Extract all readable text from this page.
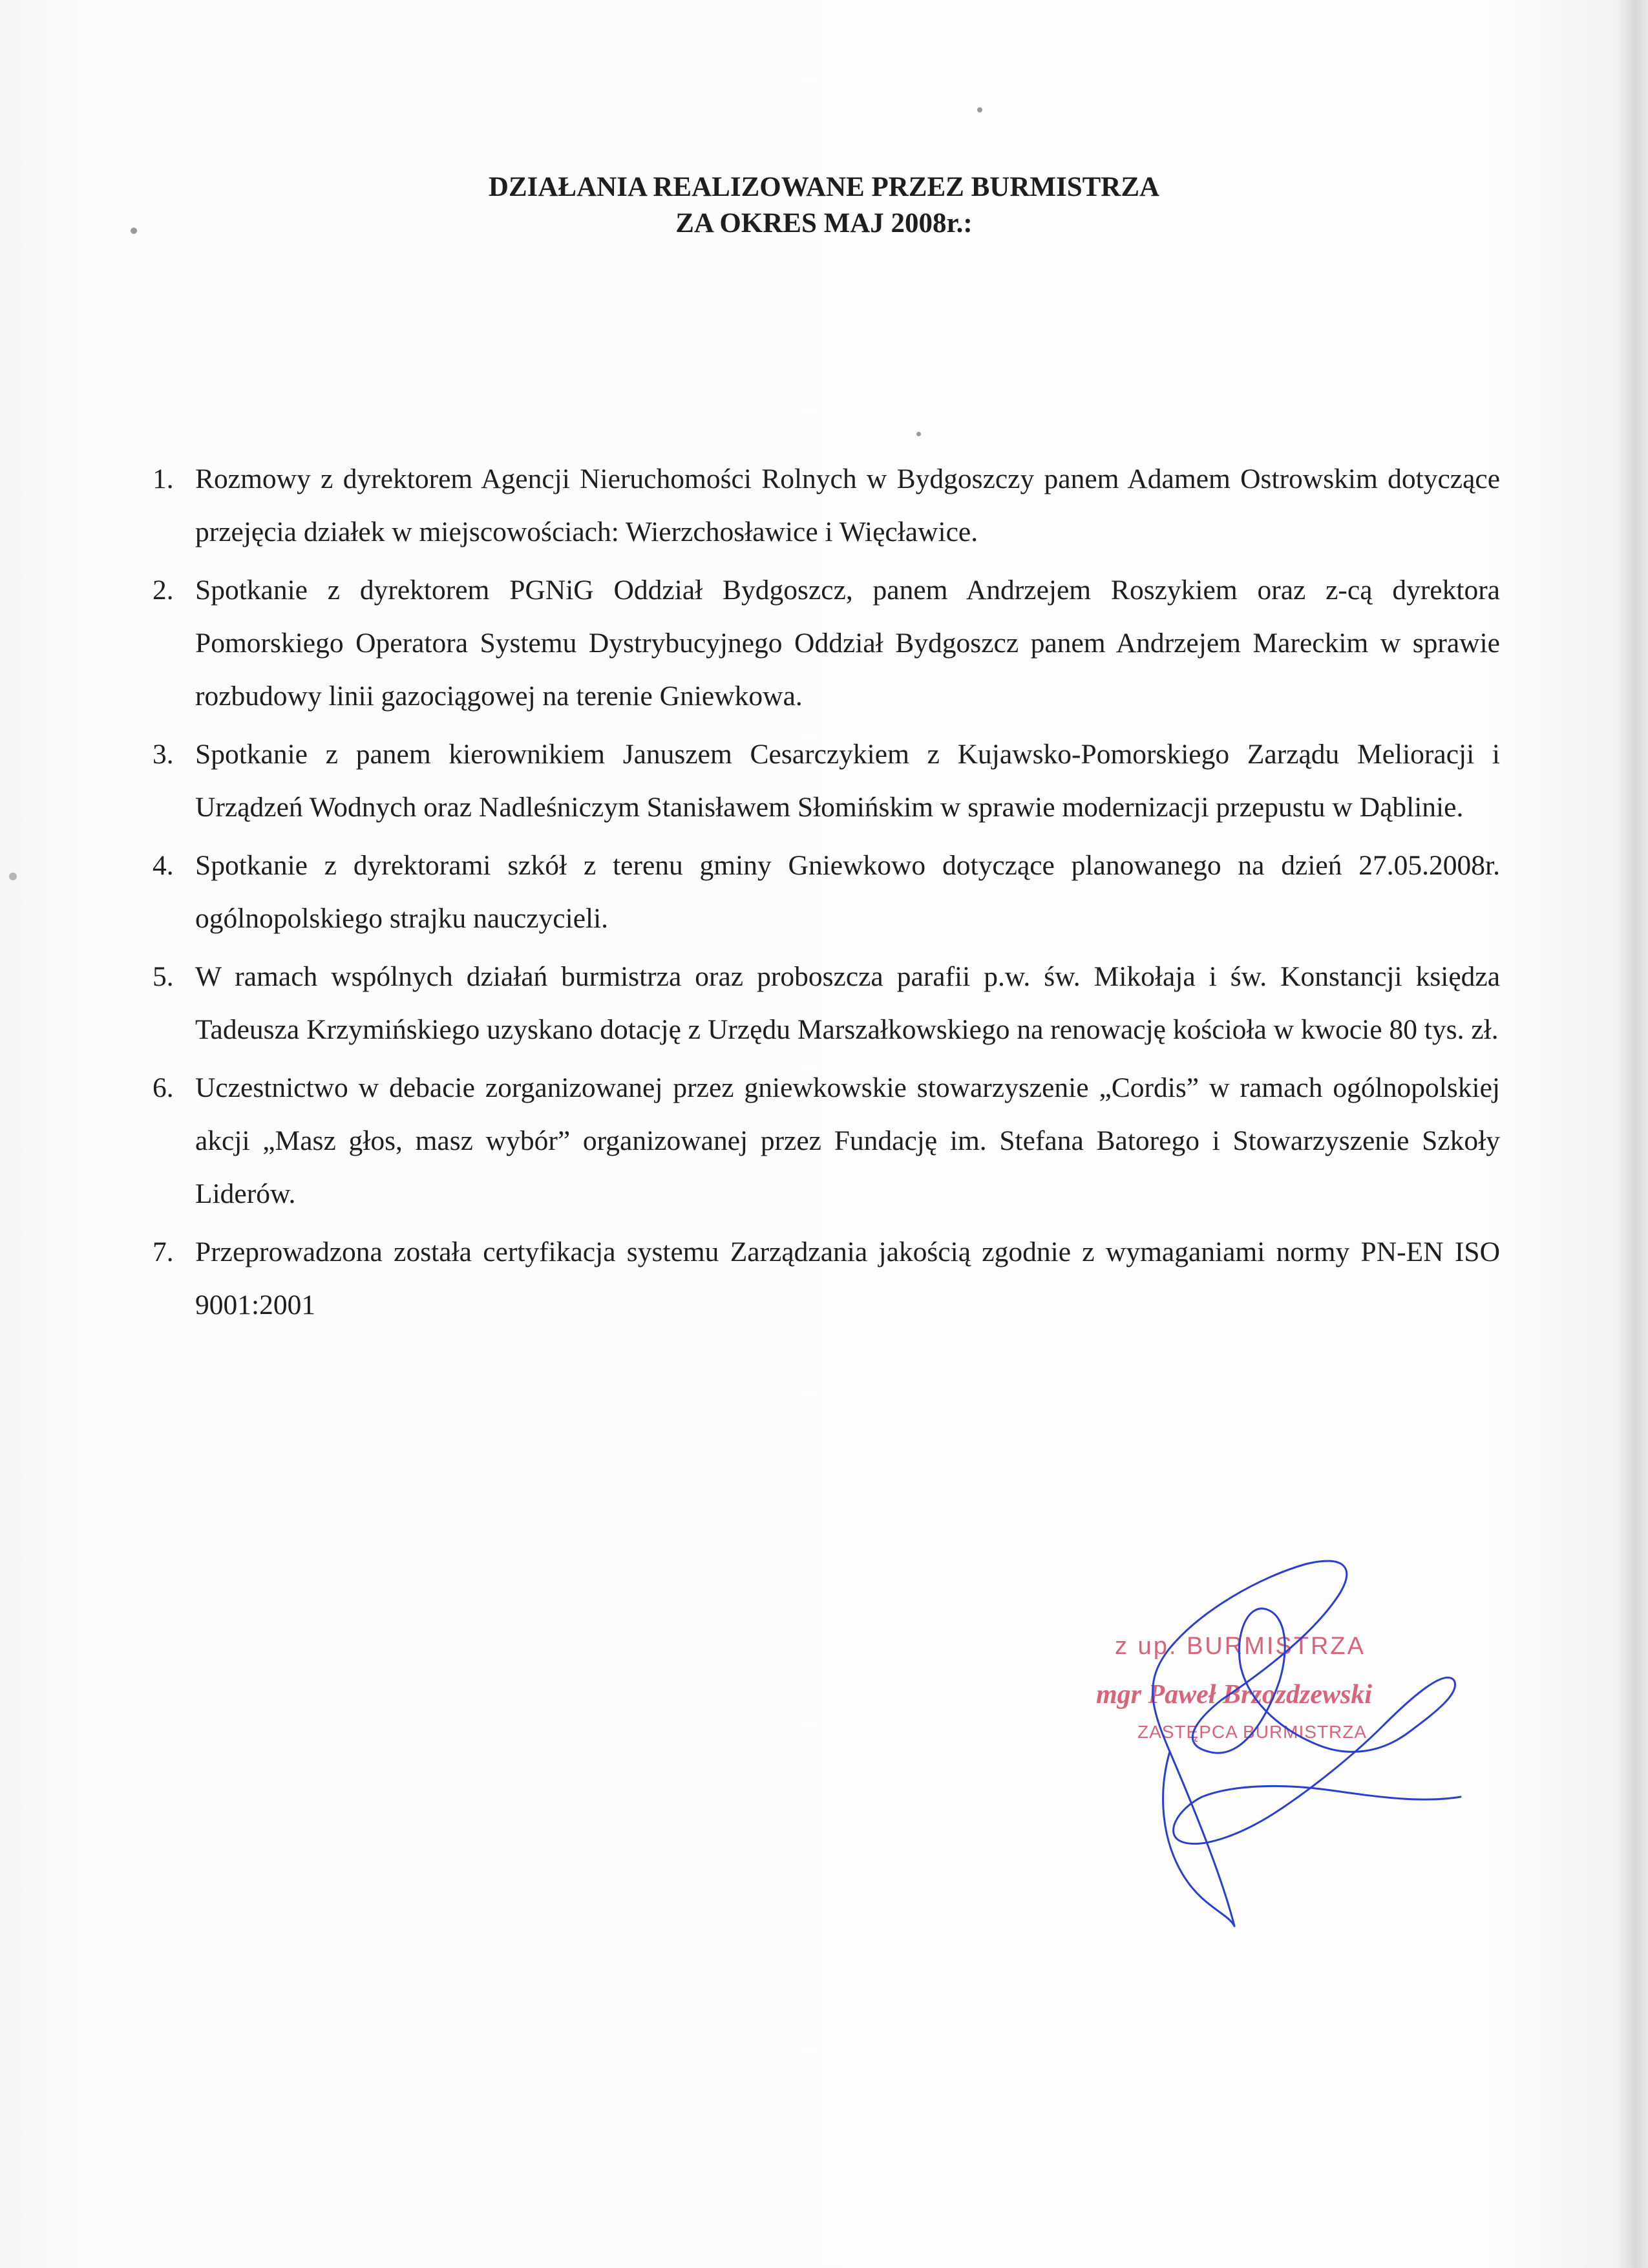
DZIAŁANIA REALIZOWANE PRZEZ BURMISTRZA
ZA OKRES MAJ 2008r.:
1. Rozmowy z dyrektorem Agencji Nieruchomości Rolnych w Bydgoszczy panem Adamem Ostrowskim dotyczące przejęcia działek w miejscowościach: Wierzchosławice i Więcławice.
2. Spotkanie z dyrektorem PGNiG Oddział Bydgoszcz, panem Andrzejem Roszykiem oraz z-cą dyrektora Pomorskiego Operatora Systemu Dystrybucyjnego Oddział Bydgoszcz panem Andrzejem Mareckim w sprawie rozbudowy linii gazociągowej na terenie Gniewkowa.
3. Spotkanie z panem kierownikiem Januszem Cesarczykiem z Kujawsko-Pomorskiego Zarządu Melioracji i Urządzeń Wodnych oraz Nadleśniczym Stanisławem Słomińskim w sprawie modernizacji przepustu w Dąblinie.
4. Spotkanie z dyrektorami szkół z terenu gminy Gniewkowo dotyczące planowanego na dzień 27.05.2008r. ogólnopolskiego strajku nauczycieli.
5. W ramach wspólnych działań burmistrza oraz proboszcza parafii p.w. św. Mikołaja i św. Konstancji księdza Tadeusza Krzymińskiego uzyskano dotację z Urzędu Marszałkowskiego na renowację kościoła w kwocie 80 tys. zł.
6. Uczestnictwo w debacie zorganizowanej przez gniewkowskie stowarzyszenie „Cordis” w ramach ogólnopolskiej akcji „Masz głos, masz wybór” organizowanej przez Fundację im. Stefana Batorego i Stowarzyszenie Szkoły Liderów.
7. Przeprowadzona została certyfikacja systemu Zarządzania jakością zgodnie z wymaganiami normy PN-EN ISO 9001:2001
z up. BURMISTRZA
mgr Paweł Brzozdzewski
ZASTĘPCA BURMISTRZA
